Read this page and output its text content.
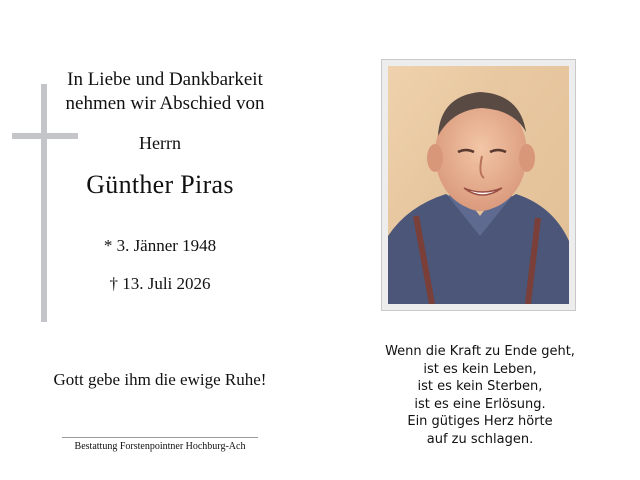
In Liebe und Dankbarkeit
nehmen wir Abschied von
Herrn
Günther Piras
* 3. Jänner 1948
† 13. Juli 2026
Gott gebe ihm die ewige Ruhe!
Bestattung Forstenpointner Hochburg-Ach
Wenn die Kraft zu Ende geht,
ist es kein Leben,
ist es kein Sterben,
ist es eine Erlösung.
Ein gütiges Herz hörte
auf zu schlagen.
